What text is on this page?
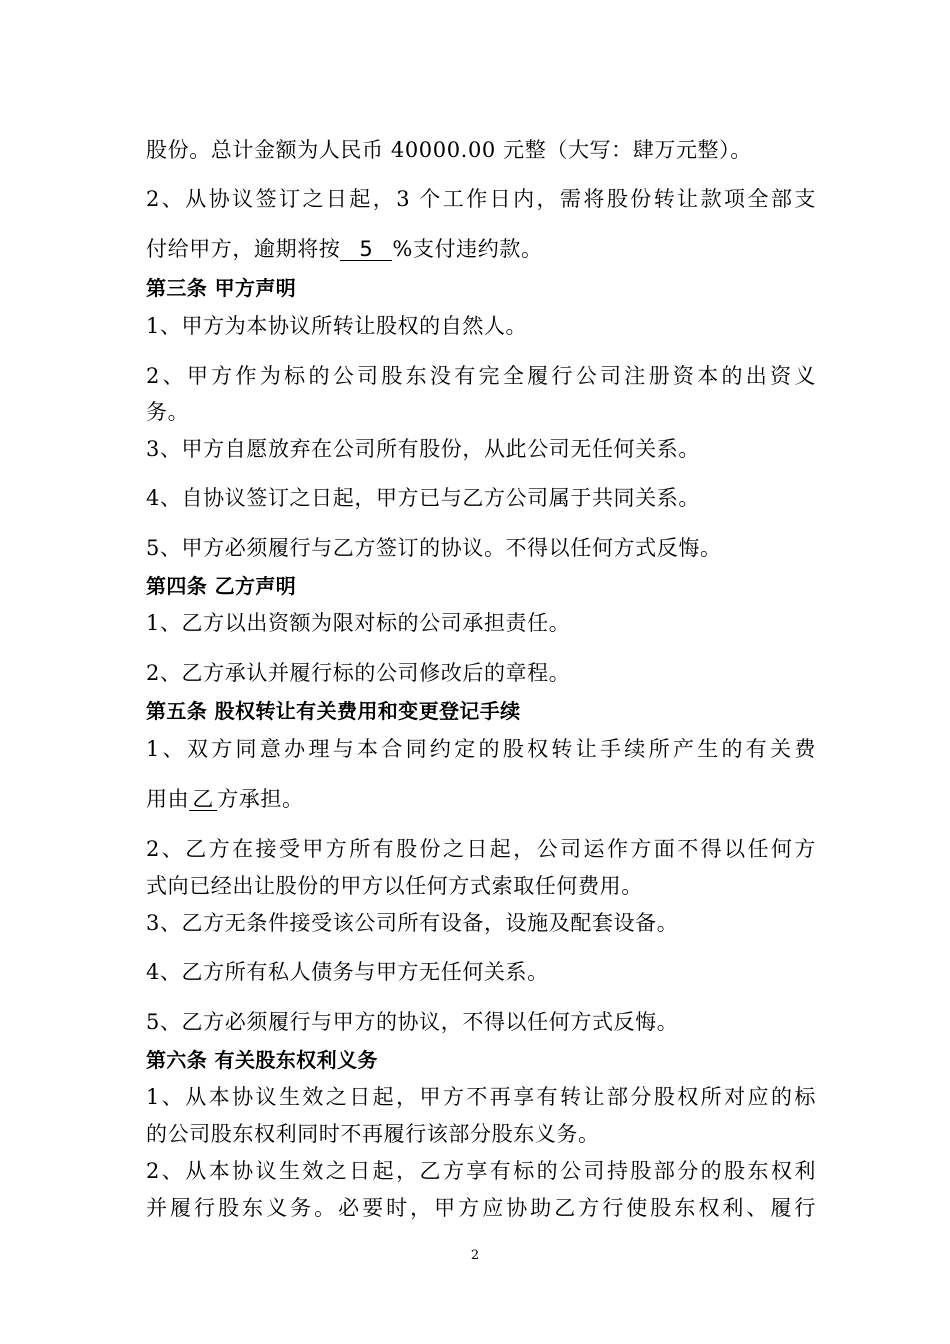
股份。总计金额为人民币 40000.00 元整（大写：肆万元整）。
2、从协议签订之日起，3 个工作日内，需将股份转让款项全部支
付给甲方，逾期将按 5 %支付违约款。
第三条 甲方声明
1、甲方为本协议所转让股权的自然人。
2、甲方作为标的公司股东没有完全履行公司注册资本的出资义
务。
3、甲方自愿放弃在公司所有股份，从此公司无任何关系。
4、自协议签订之日起，甲方已与乙方公司属于共同关系。
5、甲方必须履行与乙方签订的协议。不得以任何方式反悔。
第四条 乙方声明
1、乙方以出资额为限对标的公司承担责任。
2、乙方承认并履行标的公司修改后的章程。
第五条 股权转让有关费用和变更登记手续
1、双方同意办理与本合同约定的股权转让手续所产生的有关费
用由 乙 方承担。
2、乙方在接受甲方所有股份之日起，公司运作方面不得以任何方
式向已经出让股份的甲方以任何方式索取任何费用。
3、乙方无条件接受该公司所有设备，设施及配套设备。
4、乙方所有私人债务与甲方无任何关系。
5、乙方必须履行与甲方的协议，不得以任何方式反悔。
第六条 有关股东权利义务
1、从本协议生效之日起，甲方不再享有转让部分股权所对应的标
的公司股东权利同时不再履行该部分股东义务。
2、从本协议生效之日起，乙方享有标的公司持股部分的股东权利
并履行股东义务。必要时，甲方应协助乙方行使股东权利、履行
2
